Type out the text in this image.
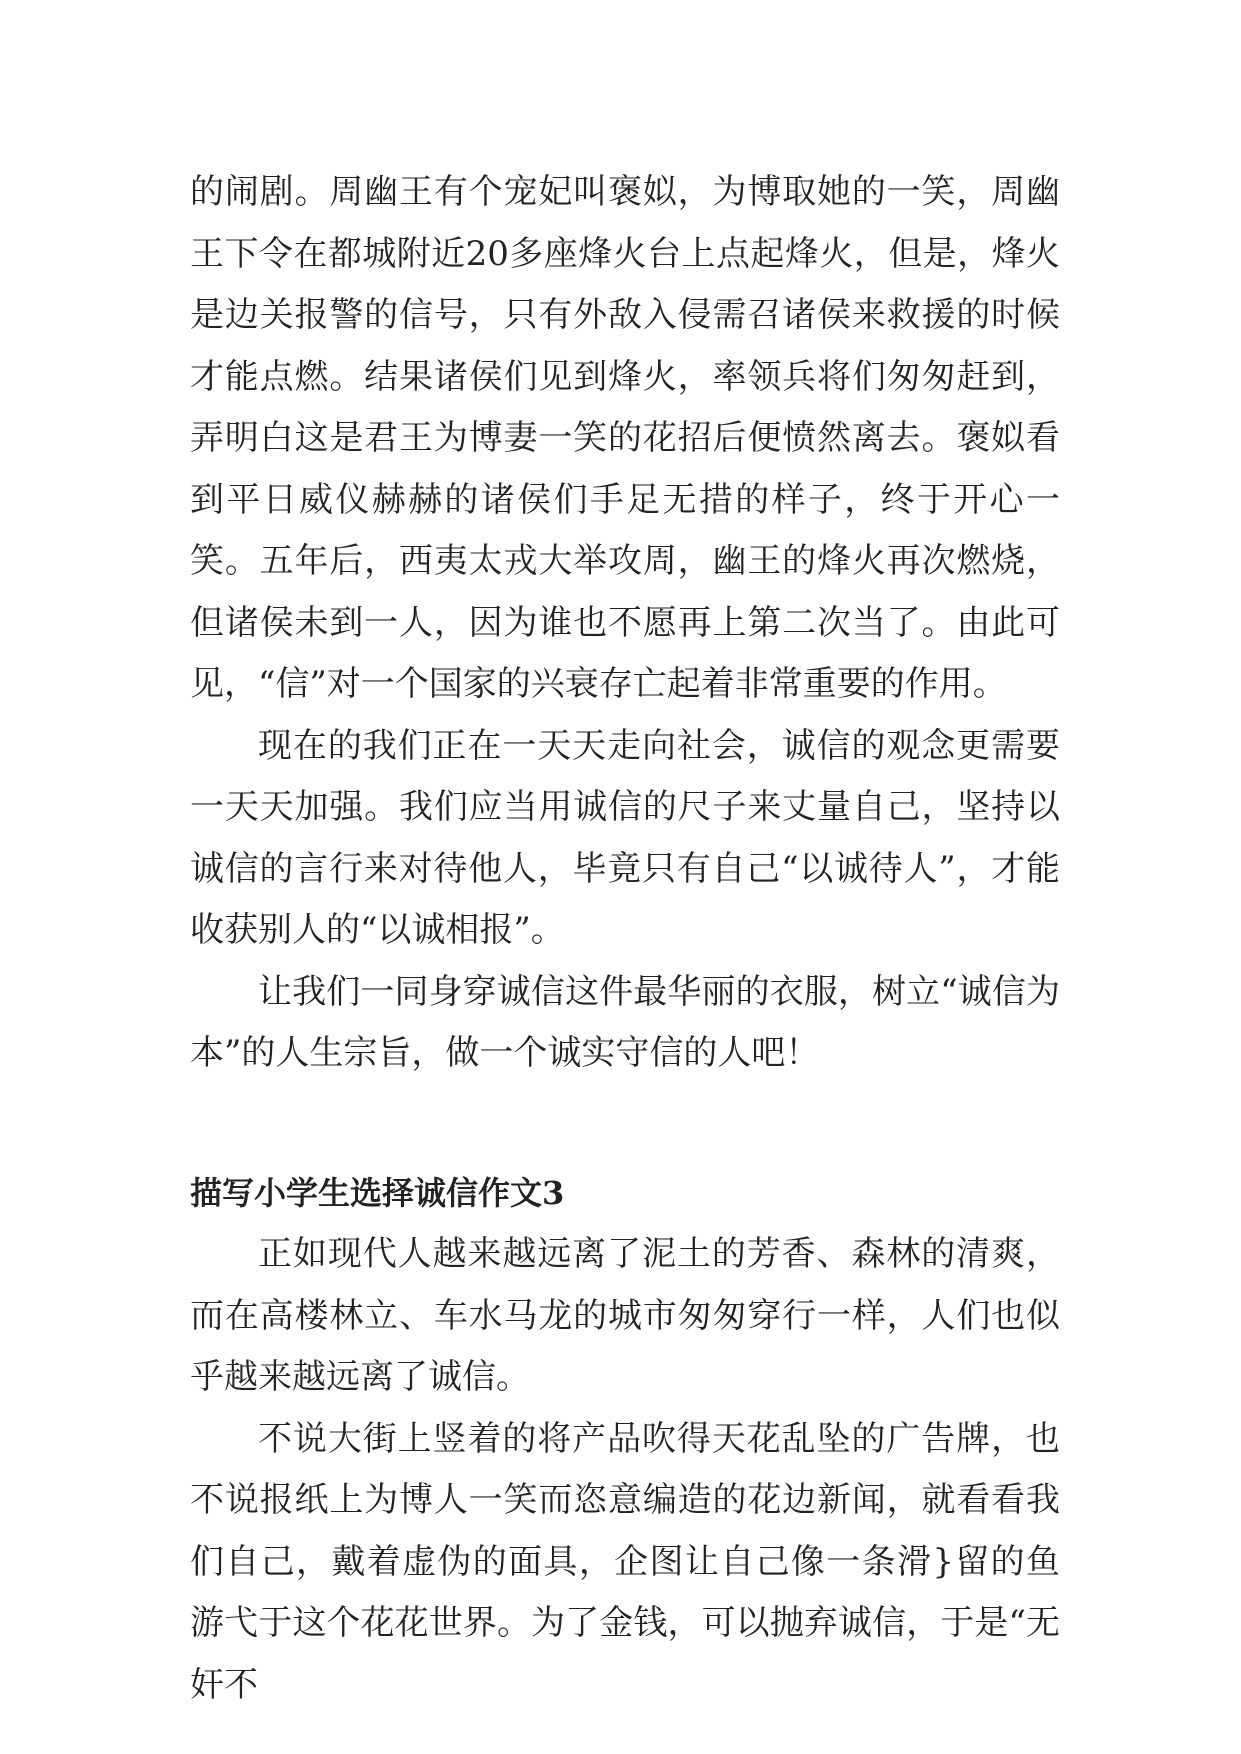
的闹剧。周幽王有个宠妃叫褒姒，为博取她的一笑，周幽王下令在都城附近20多座烽火台上点起烽火，但是，烽火是边关报警的信号，只有外敌入侵需召诸侯来救援的时候才能点燃。结果诸侯们见到烽火，率领兵将们匆匆赶到，弄明白这是君王为博妻一笑的花招后便愤然离去。褒姒看到平日威仪赫赫的诸侯们手足无措的样子，终于开心一笑。五年后，西夷太戎大举攻周，幽王的烽火再次燃烧，但诸侯未到一人，因为谁也不愿再上第二次当了。由此可见，“信”对一个国家的兴衰存亡起着非常重要的作用。

现在的我们正在一天天走向社会，诚信的观念更需要一天天加强。我们应当用诚信的尺子来丈量自己，坚持以诚信的言行来对待他人，毕竟只有自己“以诚待人”，才能收获别人的“以诚相报”。

让我们一同身穿诚信这件最华丽的衣服，树立“诚信为本”的人生宗旨，做一个诚实守信的人吧！

描写小学生选择诚信作文3

正如现代人越来越远离了泥土的芳香、森林的清爽，而在高楼林立、车水马龙的城市匆匆穿行一样，人们也似乎越来越远离了诚信。

不说大街上竖着的将产品吹得天花乱坠的广告牌，也不说报纸上为博人一笑而恣意编造的花边新闻，就看看我们自己，戴着虚伪的面具，企图让自己像一条滑}留的鱼游弋于这个花花世界。为了金钱，可以抛弃诚信，于是“无奸不
